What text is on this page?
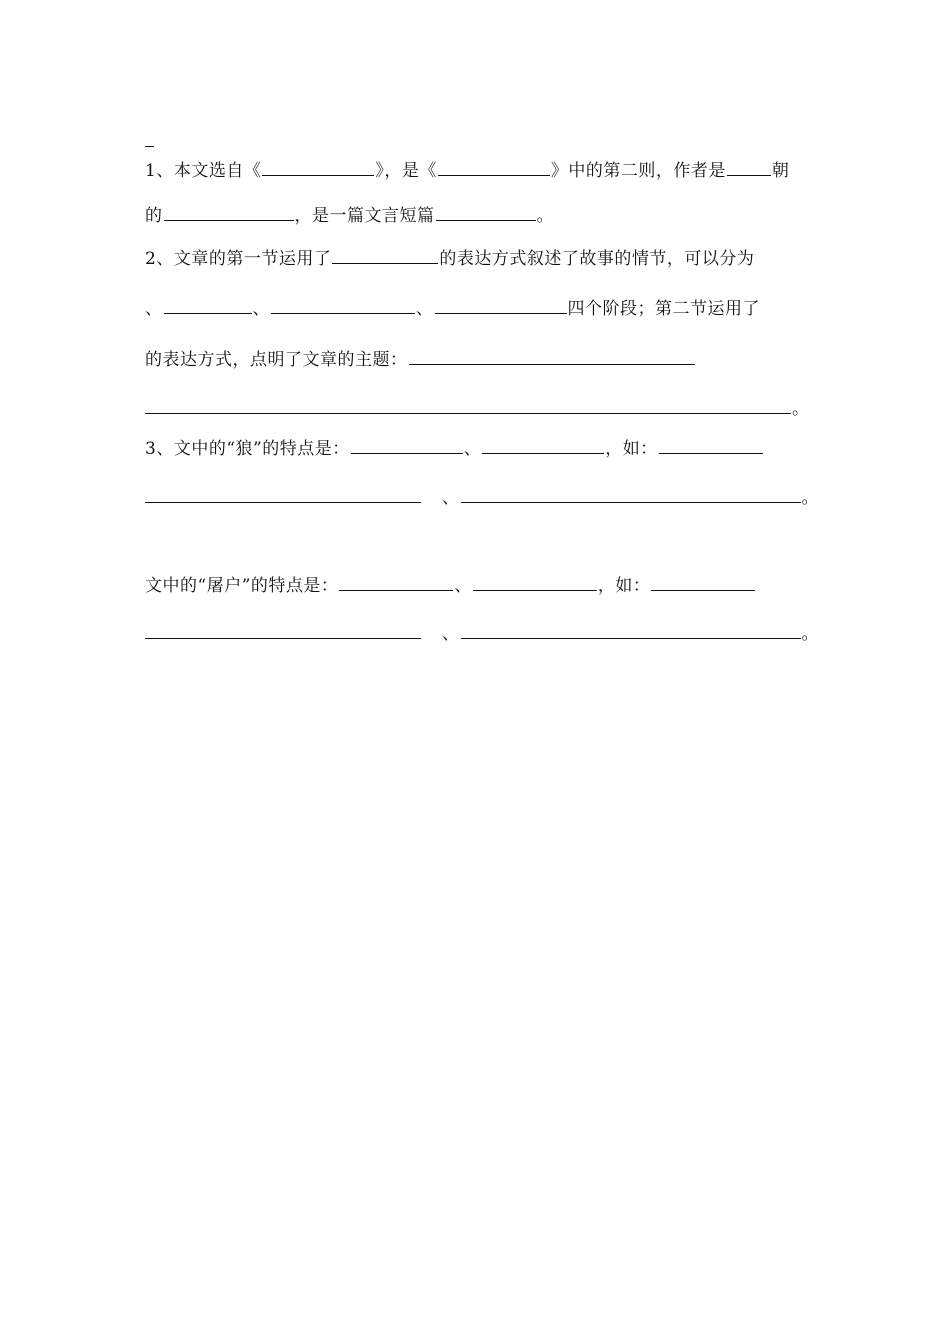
1、本文选自《	》，是《	》中的第二则，作者是	朝
的	，是一篇文言短篇	。
2、文章的第一节运用了	的表达方式叙述了故事的情节，可以分为
、	、	、	四个阶段；第二节运用了
的表达方式，点明了文章的主题：
。
3、文中的“狼”的特点是：	、	，如：
、	。
文中的“屠户”的特点是：	、	，如：
、	。
